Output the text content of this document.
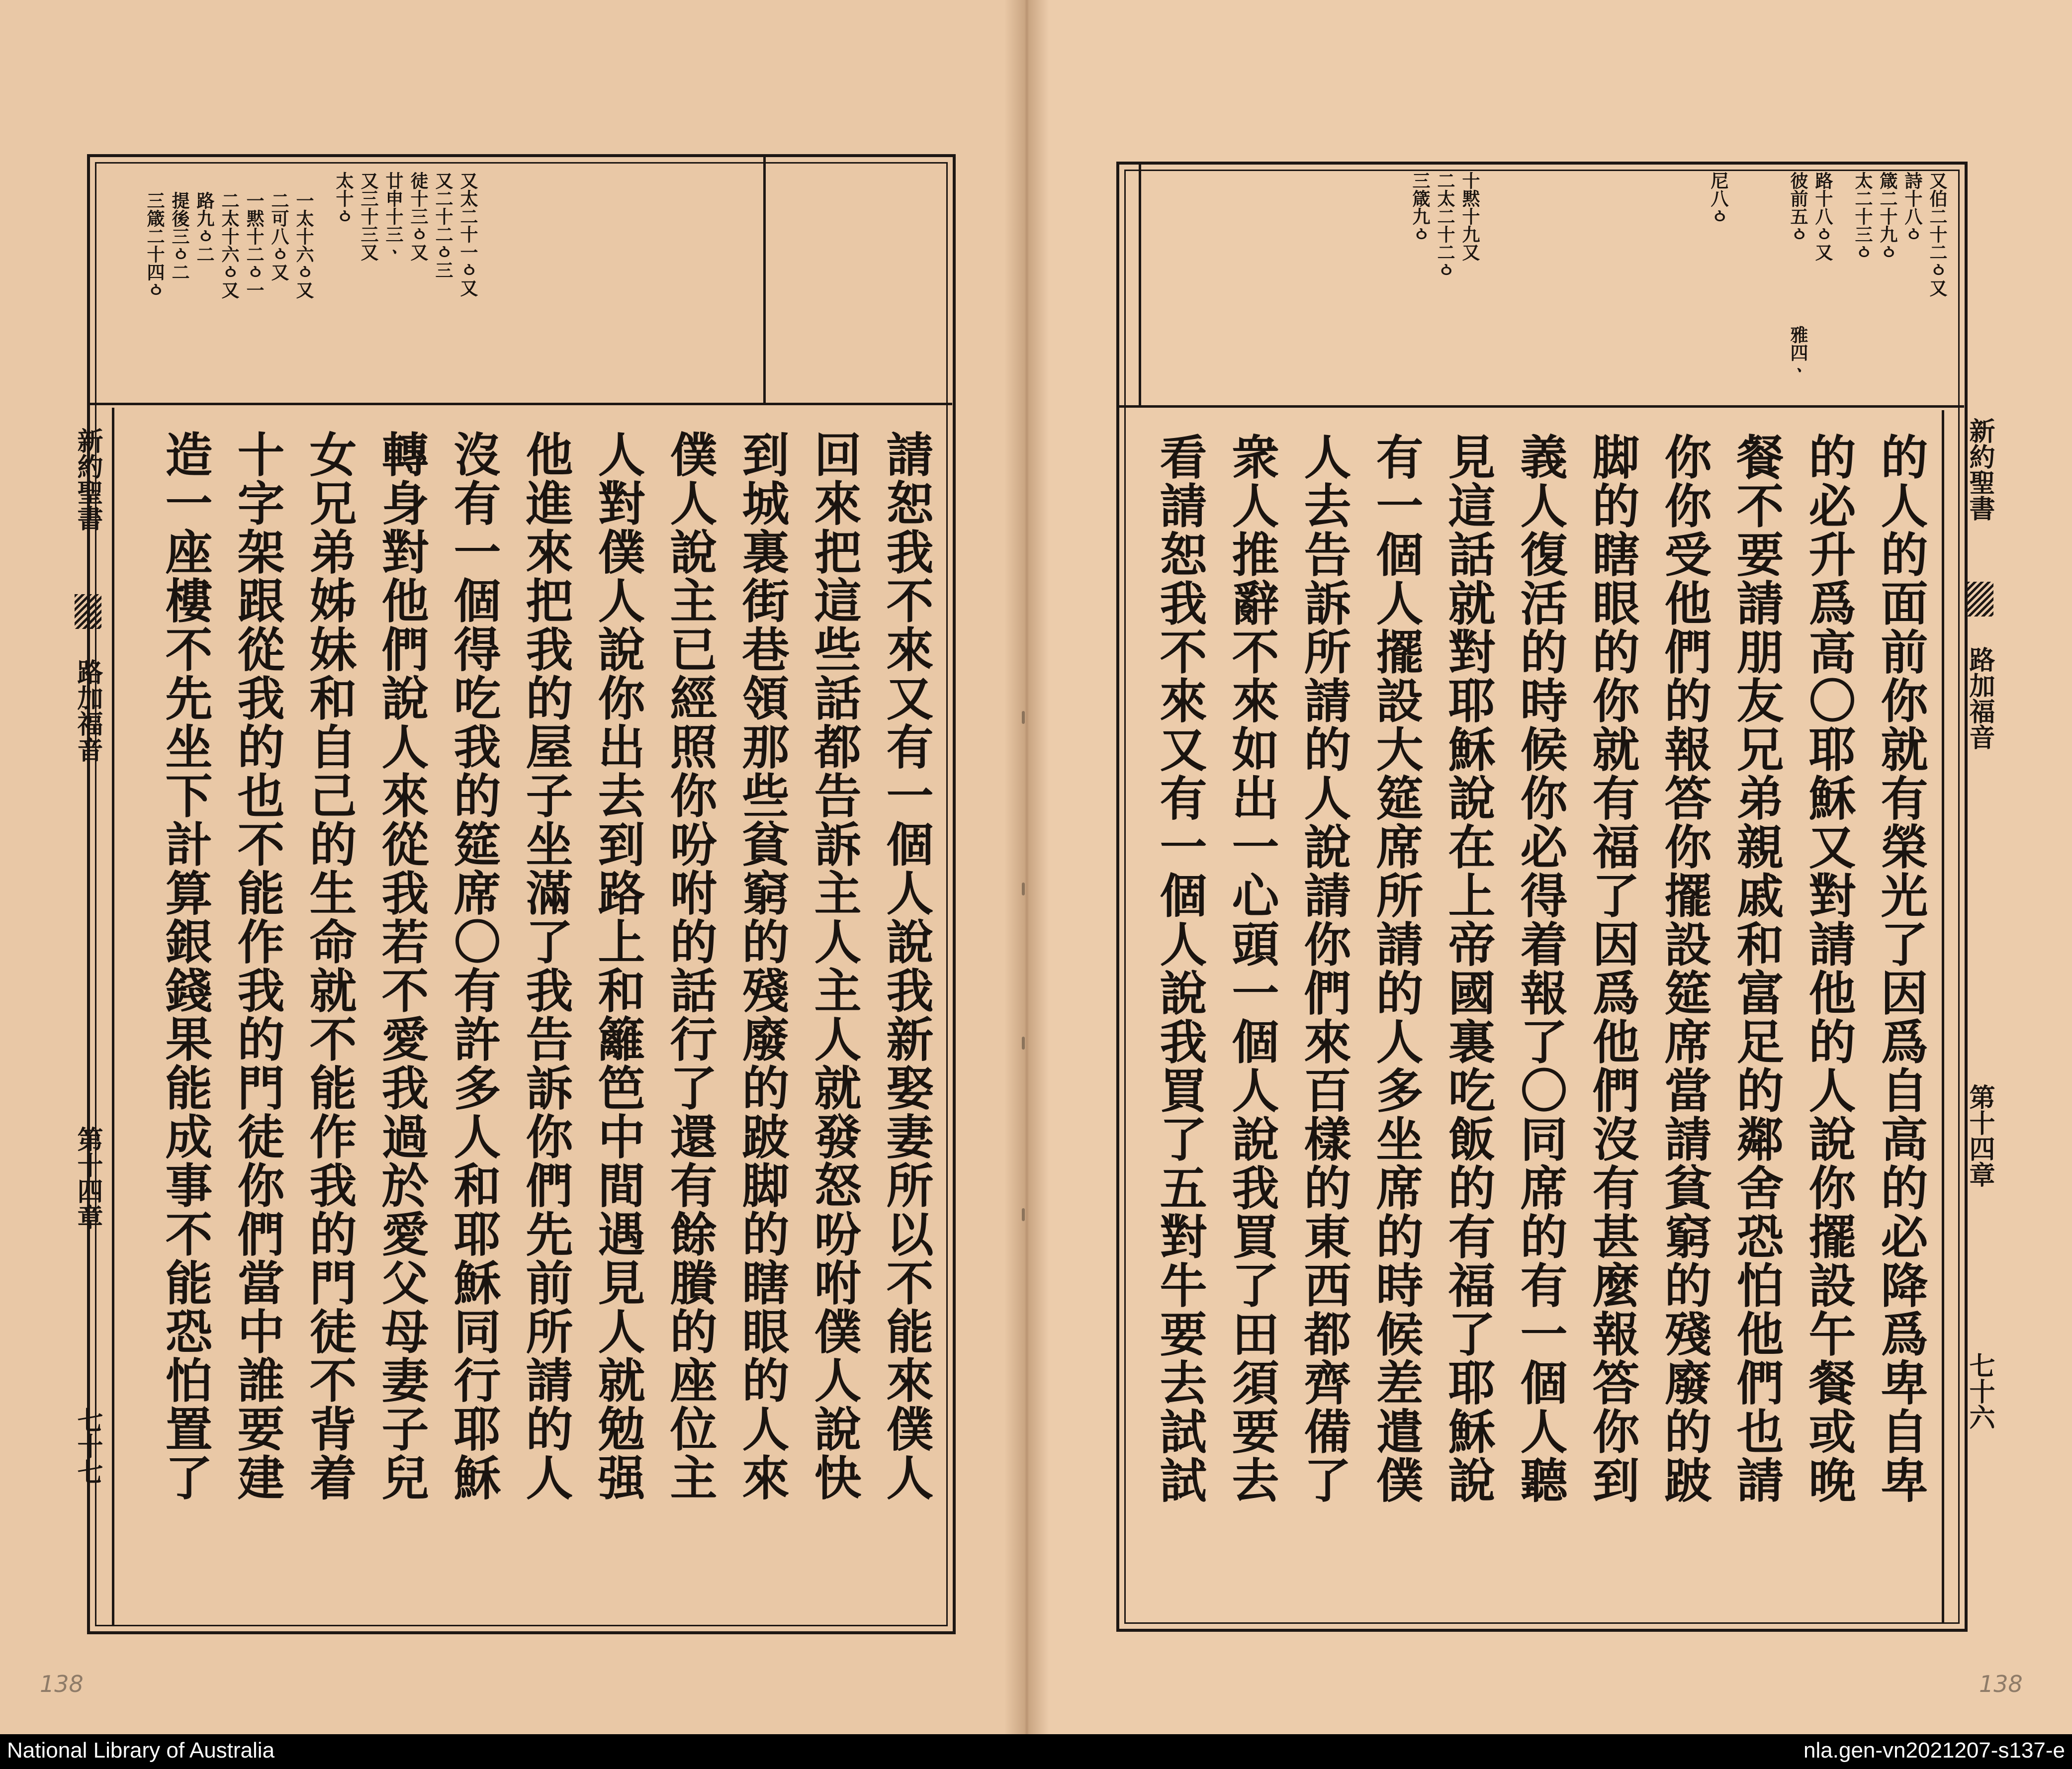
又太二十一ㆁ又
又二十二ㆁ三
徒十三ㆁ又
廿申十三ㆍ
又三十三又
太十ㆁ
一太十六ㆁ又
二可八ㆁ又
一黙十二ㆁ一
二太十六ㆁ又
路九ㆁ二
提後三ㆁ二
三箴二十四ㆁ
新約聖書
路加福音
第十四章
七十七	請恕我不來又有一個人說我新娶妻所以不能來僕人
回來把這些話都告訴主人主人就發怒吩咐僕人說快
到城裏街巷領那些貧窮的殘廢的跛脚的瞎眼的人來
僕人說主已經照你吩咐的話行了還有餘賸的座位主
人對僕人說你出去到路上和籬笆中間遇見人就勉强
他進來把我的屋子坐滿了我告訴你們先前所請的人
沒有一個得吃我的筵席〇有許多人和耶穌同行耶穌
轉身對他們說人來從我若不愛我過於愛父母妻子兒
女兄弟姊妹和自己的生命就不能作我的門徒不背着
十字架跟從我的也不能作我的門徒你們當中誰要建
造一座樓不先坐下計算銀錢果能成事不能恐怕置了
又伯二十二ㆁ又
詩十八ㆁ
箴二十九ㆁ
太二十三ㆁ
路十八ㆁ又
彼前五ㆁ
雅四ㆍ
尼八ㆁ
十黙十九又
二太二十二ㆁ
三箴九ㆁ
新約聖書
路加福音
第十四章
七十六
的人的面前你就有榮光了因爲自高的必降爲卑自卑
的必升爲高〇耶穌又對請他的人說你擺設午餐或晚
餐不要請朋友兄弟親戚和富足的鄰舍恐怕他們也請
你你受他們的報答你擺設筵席當請貧窮的殘廢的跛
脚的瞎眼的你就有福了因爲他們沒有甚麼報答你到
義人復活的時候你必得着報了〇同席的有一個人聽
見這話就對耶穌說在上帝國裏吃飯的有福了耶穌說
有一個人擺設大筵席所請的人多坐席的時候差遣僕
人去告訴所請的人說請你們來百樣的東西都齊備了
衆人推辭不來如出一心頭一個人說我買了田須要去
看請恕我不來又有一個人說我買了五對牛要去試試
138	138
National Library of Australia	nla.gen-vn2021207-s137-e
